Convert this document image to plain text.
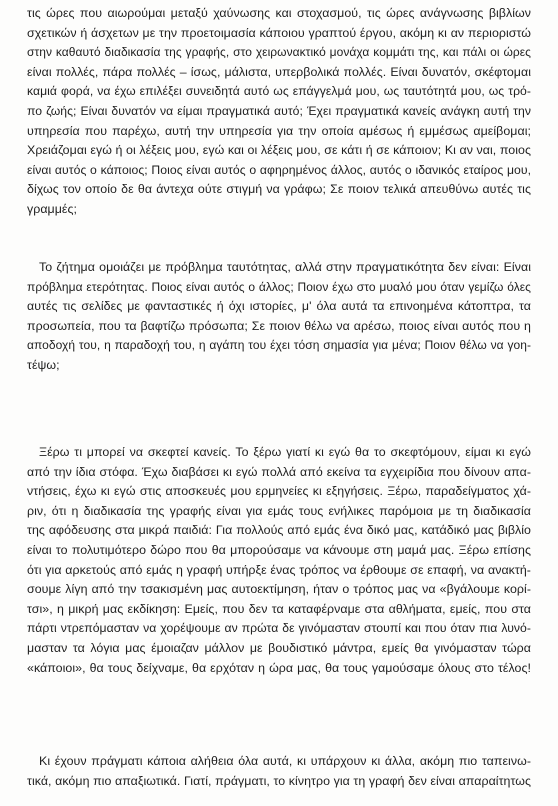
τις ώρες που αιωρούμαι μεταξύ χαύνωσης και στοχασμού, τις ώρες ανάγνωσης βιβλίων
σχετικών ή άσχετων με την προετοιμασία κάποιου γραπτού έργου, ακόμη κι αν περιοριστώ
στην καθαυτό διαδικασία της γραφής, στο χειρωνακτικό μονάχα κομμάτι της, και πάλι οι ώρες
είναι πολλές, πάρα πολλές – ίσως, μάλιστα, υπερβολικά πολλές. Είναι δυνατόν, σκέφτομαι
καμιά φορά, να έχω επιλέξει συνειδητά αυτό ως επάγγελμά μου, ως ταυτότητά μου, ως τρό-
πο ζωής; Είναι δυνατόν να είμαι πραγματικά αυτό; Έχει πραγματικά κανείς ανάγκη αυτή την
υπηρεσία που παρέχω, αυτή την υπηρεσία για την οποία αμέσως ή εμμέσως αμείβομαι;
Χρειάζομαι εγώ ή οι λέξεις μου, εγώ και οι λέξεις μου, σε κάτι ή σε κάποιον; Κι αν ναι, ποιος
είναι αυτός ο κάποιος; Ποιος είναι αυτός ο αφηρημένος άλλος, αυτός ο ιδανικός εταίρος μου,
δίχως τον οποίο δε θα άντεχα ούτε στιγμή να γράφω; Σε ποιον τελικά απευθύνω αυτές τις
γραμμές;
Το ζήτημα ομοιάζει με πρόβλημα ταυτότητας, αλλά στην πραγματικότητα δεν είναι: Είναι
πρόβλημα ετερότητας. Ποιος είναι αυτός ο άλλος; Ποιον έχω στο μυαλό μου όταν γεμίζω όλες
αυτές τις σελίδες με φανταστικές ή όχι ιστορίες, μ' όλα αυτά τα επινοημένα κάτοπτρα, τα
προσωπεία, που τα βαφτίζω πρόσωπα; Σε ποιον θέλω να αρέσω, ποιος είναι αυτός που η
αποδοχή του, η παραδοχή του, η αγάπη του έχει τόση σημασία για μένα; Ποιον θέλω να γοη-
τέψω;
Ξέρω τι μπορεί να σκεφτεί κανείς. Το ξέρω γιατί κι εγώ θα το σκεφτόμουν, είμαι κι εγώ
από την ίδια στόφα. Έχω διαβάσει κι εγώ πολλά από εκείνα τα εγχειρίδια που δίνουν απα-
ντήσεις, έχω κι εγώ στις αποσκευές μου ερμηνείες κι εξηγήσεις. Ξέρω, παραδείγματος χά-
ριν, ότι η διαδικασία της γραφής είναι για εμάς τους ενήλικες παρόμοια με τη διαδικασία
της αφόδευσης στα μικρά παιδιά: Για πολλούς από εμάς ένα δικό μας, κατάδικό μας βιβλίο
είναι το πολυτιμότερο δώρο που θα μπορούσαμε να κάνουμε στη μαμά μας. Ξέρω επίσης
ότι για αρκετούς από εμάς η γραφή υπήρξε ένας τρόπος να έρθουμε σε επαφή, να ανακτή-
σουμε λίγη από την τσακισμένη μας αυτοεκτίμηση, ήταν ο τρόπος μας να «βγάλουμε κορί-
τσι», η μικρή μας εκδίκηση: Εμείς, που δεν τα καταφέρναμε στα αθλήματα, εμείς, που στα
πάρτι ντρεπόμασταν να χορέψουμε αν πρώτα δε γινόμασταν στουπί και που όταν πια λυνό-
μασταν τα λόγια μας έμοιαζαν μάλλον με βουδιστικό μάντρα, εμείς θα γινόμασταν τώρα
«κάποιοι», θα τους δείχναμε, θα ερχόταν η ώρα μας, θα τους γαμούσαμε όλους στο τέλος!
Κι έχουν πράγματι κάποια αλήθεια όλα αυτά, κι υπάρχουν κι άλλα, ακόμη πιο ταπεινω-
τικά, ακόμη πιο απαξιωτικά. Γιατί, πράγματι, το κίνητρο για τη γραφή δεν είναι απαραίτητως
